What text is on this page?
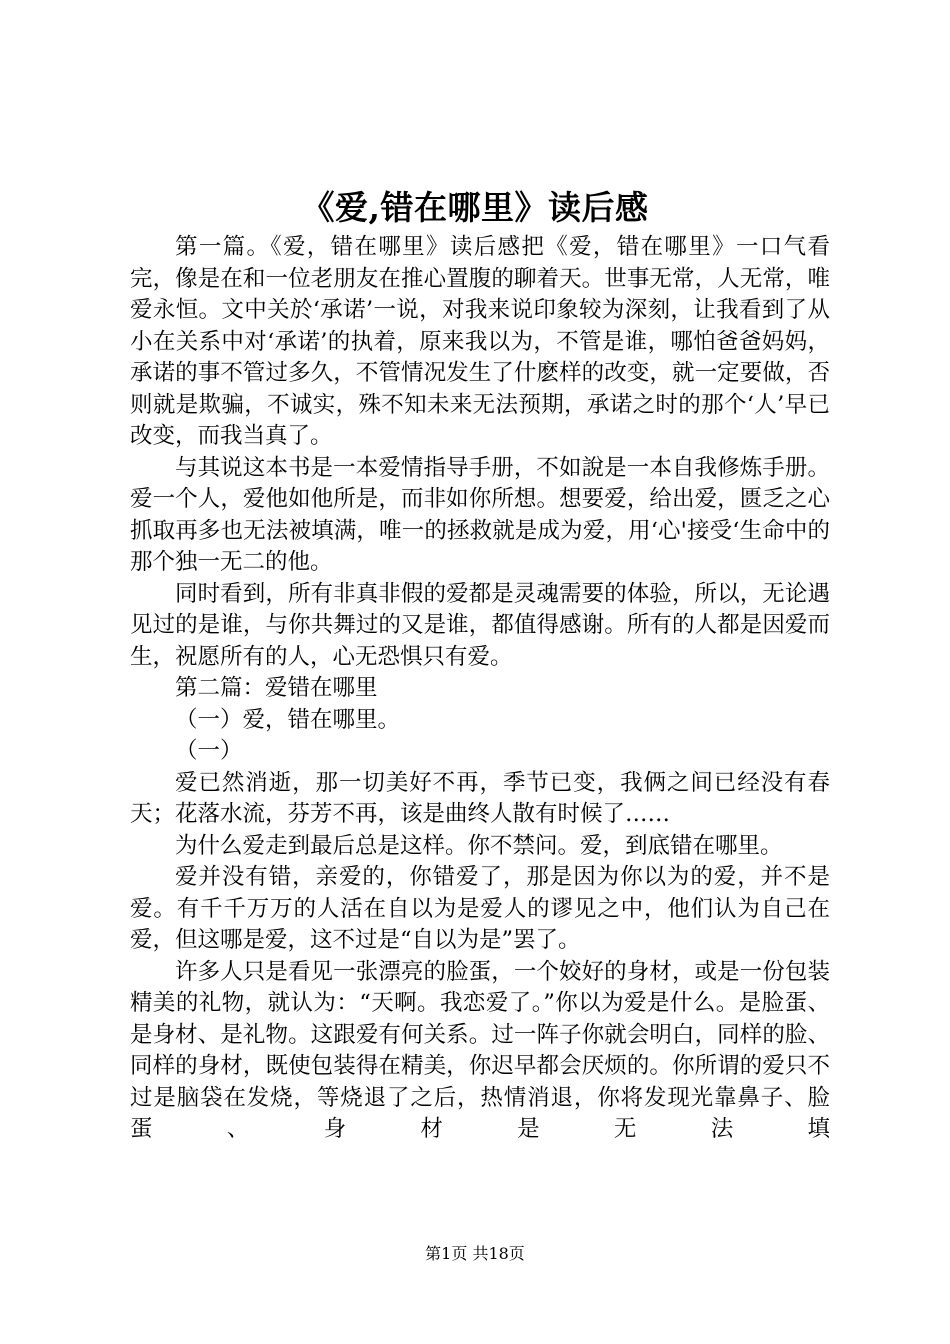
《爱,错在哪里》读后感

第一篇。《爱，错在哪里》读后感把《爱，错在哪里》一口气看完，像是在和一位老朋友在推心置腹的聊着天。世事无常，人无常，唯爱永恒。文中关於‘承诺’一说，对我来说印象较为深刻，让我看到了从小在关系中对‘承诺’的执着，原来我以为，不管是谁，哪怕爸爸妈妈，承诺的事不管过多久，不管情况发生了什麽样的改变，就一定要做，否则就是欺骗，不诚实，殊不知未来无法预期，承诺之时的那个‘人’早已改变，而我当真了。

与其说这本书是一本爱情指导手册，不如說是一本自我修炼手册。爱一个人，爱他如他所是，而非如你所想。想要爱，给出爱，匮乏之心抓取再多也无法被填满，唯一的拯救就是成为爱，用‘心'接受‘生命中的那个独一无二的他。

同时看到，所有非真非假的爱都是灵魂需要的体验，所以，无论遇见过的是谁，与你共舞过的又是谁，都值得感谢。所有的人都是因爱而生，祝愿所有的人，心无恐惧只有爱。

第二篇：爱错在哪里

（一）爱，错在哪里。

（一）

爱已然消逝，那一切美好不再，季节已变，我俩之间已经没有春天；花落水流，芬芳不再，该是曲终人散有时候了……

为什么爱走到最后总是这样。你不禁问。爱，到底错在哪里。

爱并没有错，亲爱的，你错爱了，那是因为你以为的爱，并不是爱。有千千万万的人活在自以为是爱人的谬见之中，他们认为自己在爱，但这哪是爱，这不过是“自以为是”罢了。

许多人只是看见一张漂亮的脸蛋，一个姣好的身材，或是一份包装精美的礼物，就认为：“天啊。我恋爱了。”你以为爱是什么。是脸蛋、是身材、是礼物。这跟爱有何关系。过一阵子你就会明白，同样的脸、同样的身材，既使包装得在精美，你迟早都会厌烦的。你所谓的爱只不过是脑袋在发烧，等烧退了之后，热情消退，你将发现光靠鼻子、脸蛋、身材是无法填

第1页 共18页
